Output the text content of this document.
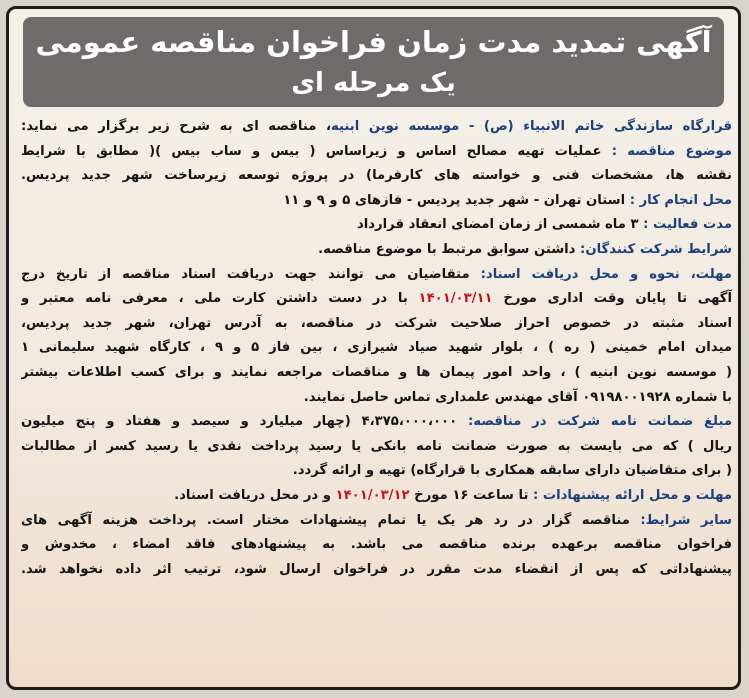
آگهی تمدید مدت زمان فراخوان مناقصه عمومی
یک مرحله ای
قرارگاه سازندگی خاتم الانبیاء (ص) - موسسه نوین ابنیه، مناقصه ای به شرح زیر برگزار می نماید:
موضوع مناقصه : عملیات تهیه مصالح اساس و زیراساس ( بیس و ساب بیس )( مطابق با شرایط
نقشه ها، مشخصات فنی و خواسته های کارفرما) در پروژه توسعه زیرساخت شهر جدید پردیس.
محل انجام کار : استان تهران - شهر جدید پردیس - فازهای ۵ و ۹ و ۱۱
مدت فعالیت : ۳ ماه شمسی از زمان امضای انعقاد قرارداد
شرایط شرکت کنندگان: داشتن سوابق مرتبط با موضوع مناقصه.
مهلت، نحوه و محل دریافت اسناد: متقاضیان می توانند جهت دریافت اسناد مناقصه از تاریخ درج
آگهی تا پایان وقت اداری مورخ ۱۴۰۱/۰۳/۱۱ با در دست داشتن کارت ملی ، معرفی نامه معتبر و
اسناد مثبته در خصوص احراز صلاحیت شرکت در مناقصه، به آدرس تهران، شهر جدید پردیس،
میدان امام خمینی ( ره ) ، بلوار شهید صیاد شیرازی ، بین فاز ۵ و ۹ ، کارگاه شهید سلیمانی ۱
( موسسه نوین ابنیه ) ، واحد امور پیمان ها و مناقصات مراجعه نمایند و برای کسب اطلاعات بیشتر
با شماره ۰۹۱۹۸۰۰۱۹۲۸ آقای مهندس علمداری تماس حاصل نمایند.
مبلغ ضمانت نامه شرکت در مناقصه: ۴،۳۷۵،۰۰۰،۰۰۰ (چهار میلیارد و سیصد و هفتاد و پنج میلیون
ریال ) که می بایست به صورت ضمانت نامه بانکی یا رسید پرداخت نقدی یا رسید کسر از مطالبات
( برای متقاضیان دارای سابقه همکاری با قرارگاه) تهیه و ارائه گردد.
مهلت و محل ارائه پیشنهادات : تا ساعت ۱۶ مورخ ۱۴۰۱/۰۳/۱۲ و در محل دریافت اسناد.
سایر شرایط: مناقصه گزار در رد هر یک یا تمام پیشنهادات مختار است. پرداخت هزینه آگهی های
فراخوان مناقصه برعهده برنده مناقصه می باشد. به پیشنهادهای فاقد امضاء ، مخدوش و
پیشنهاداتی که پس از انقضاء مدت مقرر در فراخوان ارسال شود، ترتیب اثر داده نخواهد شد.
